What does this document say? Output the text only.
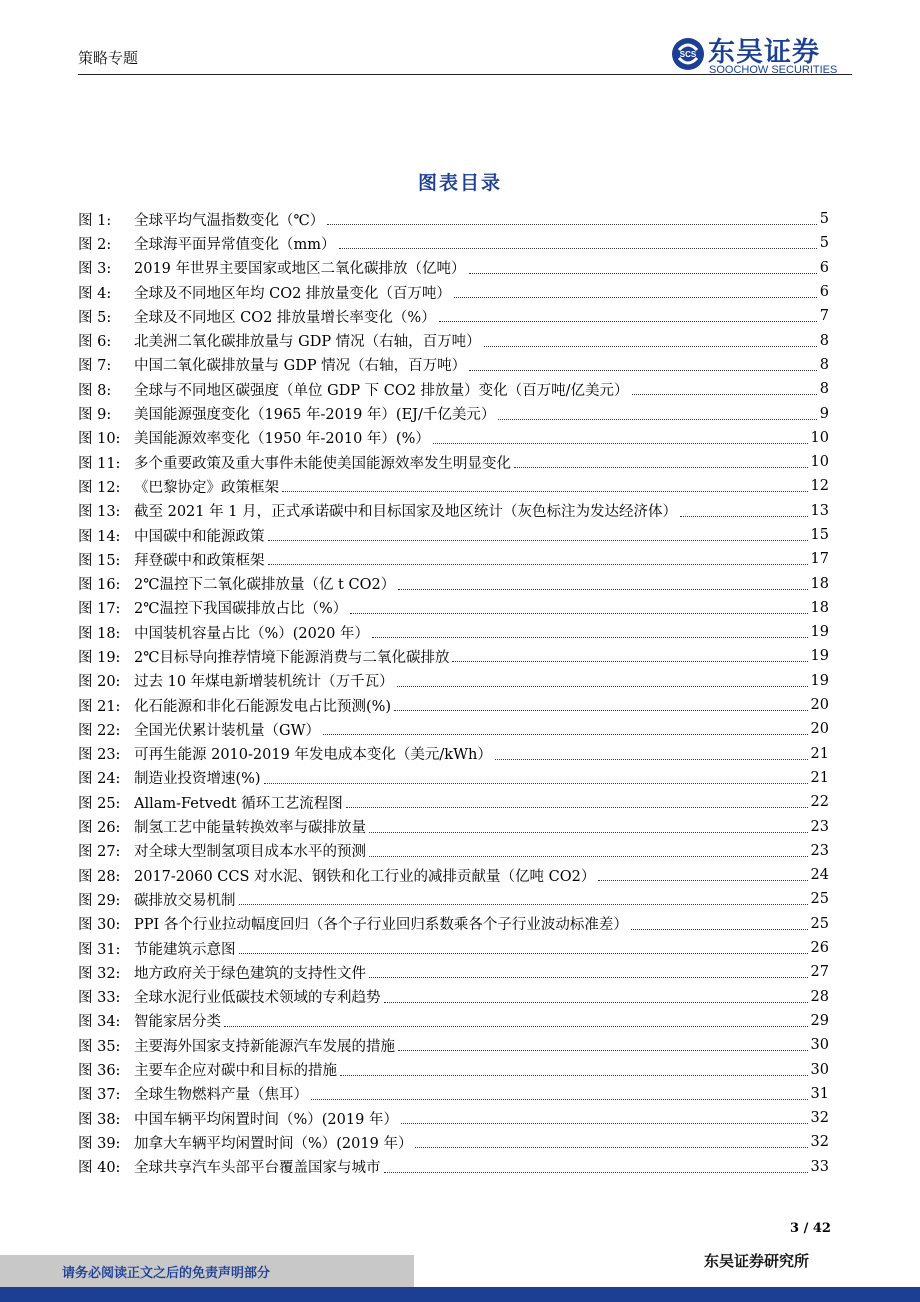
策略专题	SCS 东吴证券
SOOCHOW SECURITIES
图表目录
图 1:	全球平均气温指数变化（℃）	5
图 2:	全球海平面异常值变化（mm）	5
图 3:	2019 年世界主要国家或地区二氧化碳排放（亿吨）	6
图 4:	全球及不同地区年均 CO2 排放量变化（百万吨）	6
图 5:	全球及不同地区 CO2 排放量增长率变化（%）	7
图 6:	北美洲二氧化碳排放量与 GDP 情况（右轴，百万吨）	8
图 7:	中国二氧化碳排放量与 GDP 情况（右轴，百万吨）	8
图 8:	全球与不同地区碳强度（单位 GDP 下 CO2 排放量）变化（百万吨/亿美元）	8
图 9:	美国能源强度变化（1965 年-2019 年）(EJ/千亿美元）	9
图 10: 美国能源效率变化（1950 年-2010 年）(%）	10
图 11: 多个重要政策及重大事件未能使美国能源效率发生明显变化	10
图 12: 《巴黎协定》政策框架	12
图 13: 截至 2021 年 1 月，正式承诺碳中和目标国家及地区统计（灰色标注为发达经济体）	13
图 14: 中国碳中和能源政策	15
图 15: 拜登碳中和政策框架	17
图 16: 2℃温控下二氧化碳排放量（亿 t CO2）	18
图 17: 2℃温控下我国碳排放占比（%）	18
图 18: 中国装机容量占比（%）(2020 年）	19
图 19: 2℃目标导向推荐情境下能源消费与二氧化碳排放	19
图 20: 过去 10 年煤电新增装机统计（万千瓦）	19
图 21: 化石能源和非化石能源发电占比预测(%)	20
图 22: 全国光伏累计装机量（GW）	20
图 23: 可再生能源 2010-2019 年发电成本变化（美元/kWh）	21
图 24: 制造业投资增速(%)	21
图 25: Allam-Fetvedt 循环工艺流程图	22
图 26: 制氢工艺中能量转换效率与碳排放量	23
图 27: 对全球大型制氢项目成本水平的预测	23
图 28: 2017-2060 CCS 对水泥、钢铁和化工行业的减排贡献量（亿吨 CO2）	24
图 29: 碳排放交易机制	25
图 30: PPI 各个行业拉动幅度回归（各个子行业回归系数乘各个子行业波动标准差）	25
图 31: 节能建筑示意图	26
图 32: 地方政府关于绿色建筑的支持性文件	27
图 33: 全球水泥行业低碳技术领域的专利趋势	28
图 34: 智能家居分类	29
图 35: 主要海外国家支持新能源汽车发展的措施	30
图 36: 主要车企应对碳中和目标的措施	30
图 37: 全球生物燃料产量（焦耳）	31
图 38: 中国车辆平均闲置时间（%）(2019 年）	32
图 39: 加拿大车辆平均闲置时间（%）(2019 年）	32
图 40: 全球共享汽车头部平台覆盖国家与城市	33
3 / 42
请务必阅读正文之后的免责声明部分
东吴证券研究所
